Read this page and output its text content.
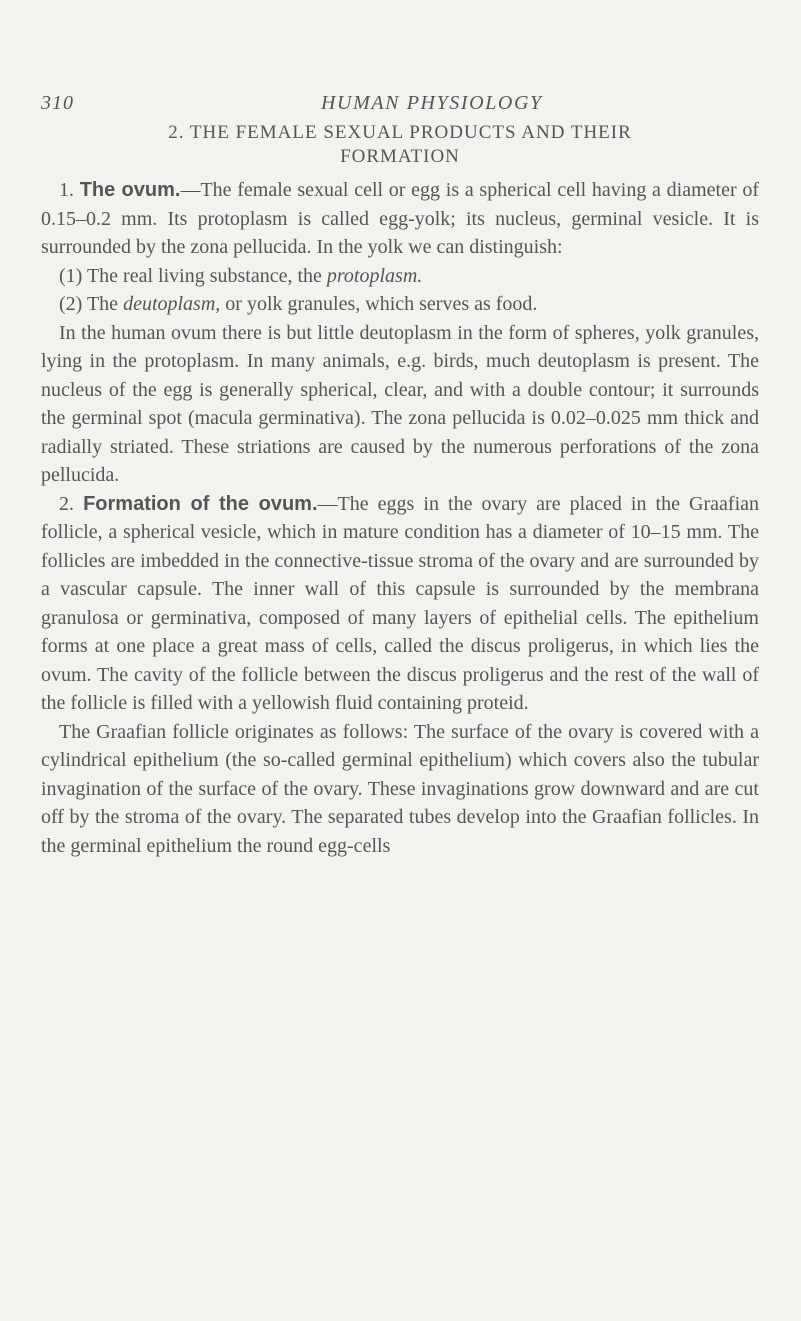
310	HUMAN PHYSIOLOGY
2. THE FEMALE SEXUAL PRODUCTS AND THEIR
FORMATION

1. The ovum.—The female sexual cell or egg is a spherical cell having a diameter of 0.15–0.2 mm. Its protoplasm is called egg-yolk; its nucleus, germinal vesicle. It is surrounded by the zona pellucida. In the yolk we can distinguish:

(1) The real living substance, the protoplasm.

(2) The deutoplasm, or yolk granules, which serves as food.

In the human ovum there is but little deutoplasm in the form of spheres, yolk granules, lying in the protoplasm. In many animals, e.g. birds, much deutoplasm is present. The nucleus of the egg is generally spherical, clear, and with a double contour; it surrounds the germinal spot (macula germinativa). The zona pellucida is 0.02–0.025 mm thick and radially striated. These striations are caused by the numerous perforations of the zona pellucida.

2. Formation of the ovum.—The eggs in the ovary are placed in the Graafian follicle, a spherical vesicle, which in mature condition has a diameter of 10–15 mm. The follicles are imbedded in the connective-tissue stroma of the ovary and are surrounded by a vascular capsule. The inner wall of this capsule is surrounded by the membrana granulosa or germinativa, composed of many layers of epithelial cells. The epithelium forms at one place a great mass of cells, called the discus proligerus, in which lies the ovum. The cavity of the follicle between the discus proligerus and the rest of the wall of the follicle is filled with a yellowish fluid containing proteid.

The Graafian follicle originates as follows: The surface of the ovary is covered with a cylindrical epithelium (the so-called germinal epithelium) which covers also the tubular invagination of the surface of the ovary. These invaginations grow downward and are cut off by the stroma of the ovary. The separated tubes develop into the Graafian follicles. In the germinal epithelium the round egg-cells
